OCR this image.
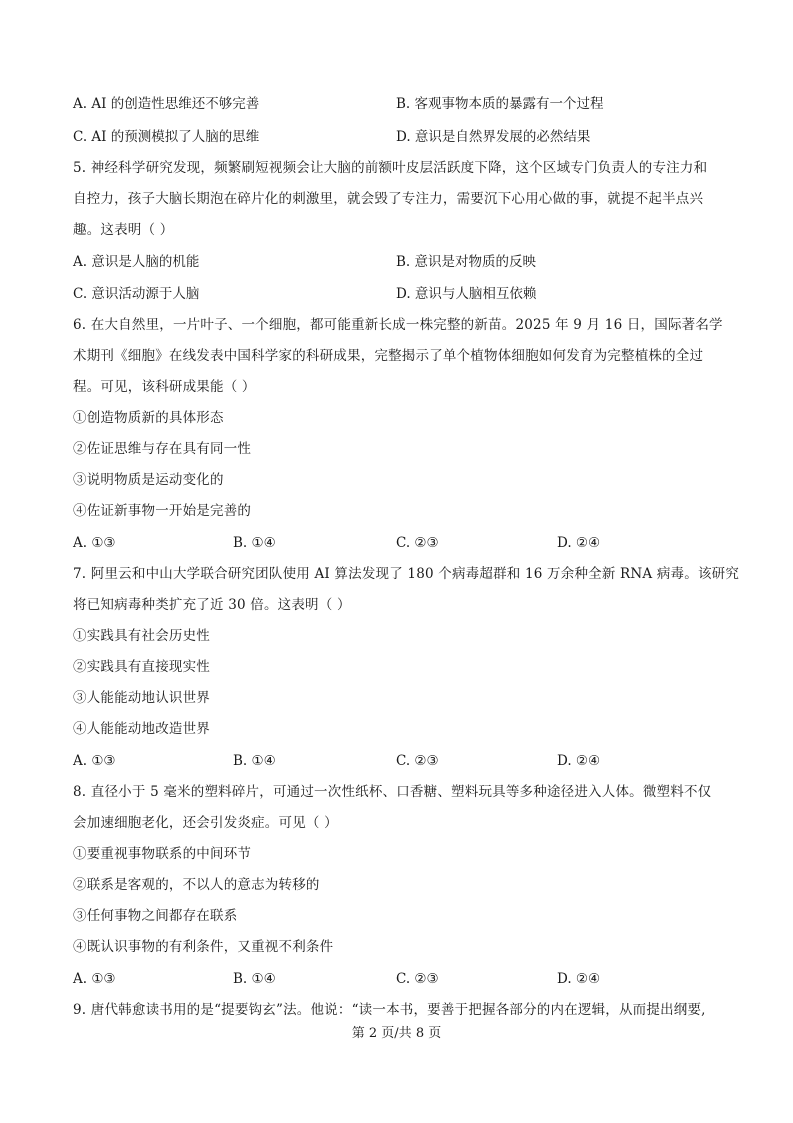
A. AI 的创造性思维还不够完善	B. 客观事物本质的暴露有一个过程
C. AI 的预测模拟了人脑的思维	D. 意识是自然界发展的必然结果
5. 神经科学研究发现，频繁刷短视频会让大脑的前额叶皮层活跃度下降，这个区域专门负责人的专注力和
自控力，孩子大脑长期泡在碎片化的刺激里，就会毁了专注力，需要沉下心用心做的事，就提不起半点兴
趣。这表明（ ）
A. 意识是人脑的机能	B. 意识是对物质的反映
C. 意识活动源于人脑	D. 意识与人脑相互依赖
6. 在大自然里，一片叶子、一个细胞，都可能重新长成一株完整的新苗。2025 年 9 月 16 日，国际著名学
术期刊《细胞》在线发表中国科学家的科研成果，完整揭示了单个植物体细胞如何发育为完整植株的全过
程。可见，该科研成果能（ ）
①创造物质新的具体形态
②佐证思维与存在具有同一性
③说明物质是运动变化的
④佐证新事物一开始是完善的
A. ①③	B. ①④	C. ②③	D. ②④
7. 阿里云和中山大学联合研究团队使用 AI 算法发现了 180 个病毒超群和 16 万余种全新 RNA 病毒。该研究
将已知病毒种类扩充了近 30 倍。这表明（ ）
①实践具有社会历史性
②实践具有直接现实性
③人能能动地认识世界
④人能能动地改造世界
A. ①③	B. ①④	C. ②③	D. ②④
8. 直径小于 5 毫米的塑料碎片，可通过一次性纸杯、口香糖、塑料玩具等多种途径进入人体。微塑料不仅
会加速细胞老化，还会引发炎症。可见（ ）
①要重视事物联系的中间环节
②联系是客观的，不以人的意志为转移的
③任何事物之间都存在联系
④既认识事物的有利条件，又重视不利条件
A. ①③	B. ①④	C. ②③	D. ②④
9. 唐代韩愈读书用的是“提要钩玄”法。他说：“读一本书，要善于把握各部分的内在逻辑，从而提出纲要,
第 2 页/共 8 页
